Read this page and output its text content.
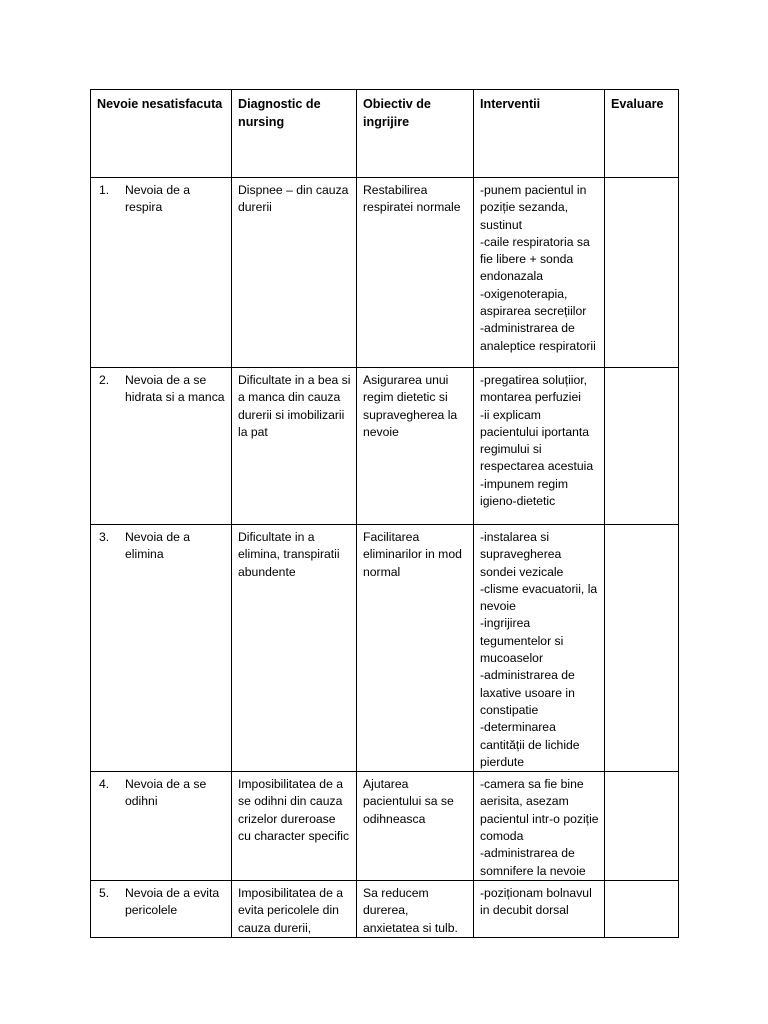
Nevoie nesatisfacuta	Diagnostic de nursing	Obiectiv de ingrijire	Interventii	Evaluare

1. Nevoia de a respira	Dispnee – din cauza durerii	Restabilirea respiratei normale	-punem pacientul in poziție sezanda, sustinut
-caile respiratoria sa fie libere + sonda endonazala
-oxigenoterapia, aspirarea secrețiilor
-administrarea de analeptice respiratorii	

2. Nevoia de a se hidrata si a manca	Dificultate in a bea si a manca din cauza durerii si imobilizarii la pat	Asigurarea unui regim dietetic si supravegherea la nevoie	-pregatirea soluțiior, montarea perfuziei
-ii explicam pacientului iportanta regimului si respectarea acestuia
-impunem regim igieno-dietetic	

3. Nevoia de a elimina	Dificultate in a elimina, transpiratii abundente	Facilitarea eliminarilor in mod normal	-instalarea si supravegherea sondei vezicale
-clisme evacuatorii, la nevoie
-ingrijirea tegumentelor si mucoaselor
-administrarea de laxative usoare in constipatie
-determinarea cantității de lichide pierdute	

4. Nevoia de a se odihni	Imposibilitatea de a se odihni din cauza crizelor dureroase cu character specific	Ajutarea pacientului sa se odihneasca	-camera sa fie bine aerisita, asezam pacientul intr-o poziție comoda
-administrarea de somnifere la nevoie	

5. Nevoia de a evita pericolele	Imposibilitatea de a evita pericolele din cauza durerii,	Sa reducem durerea, anxietatea si tulb.	-poziționam bolnavul in decubit dorsal	
